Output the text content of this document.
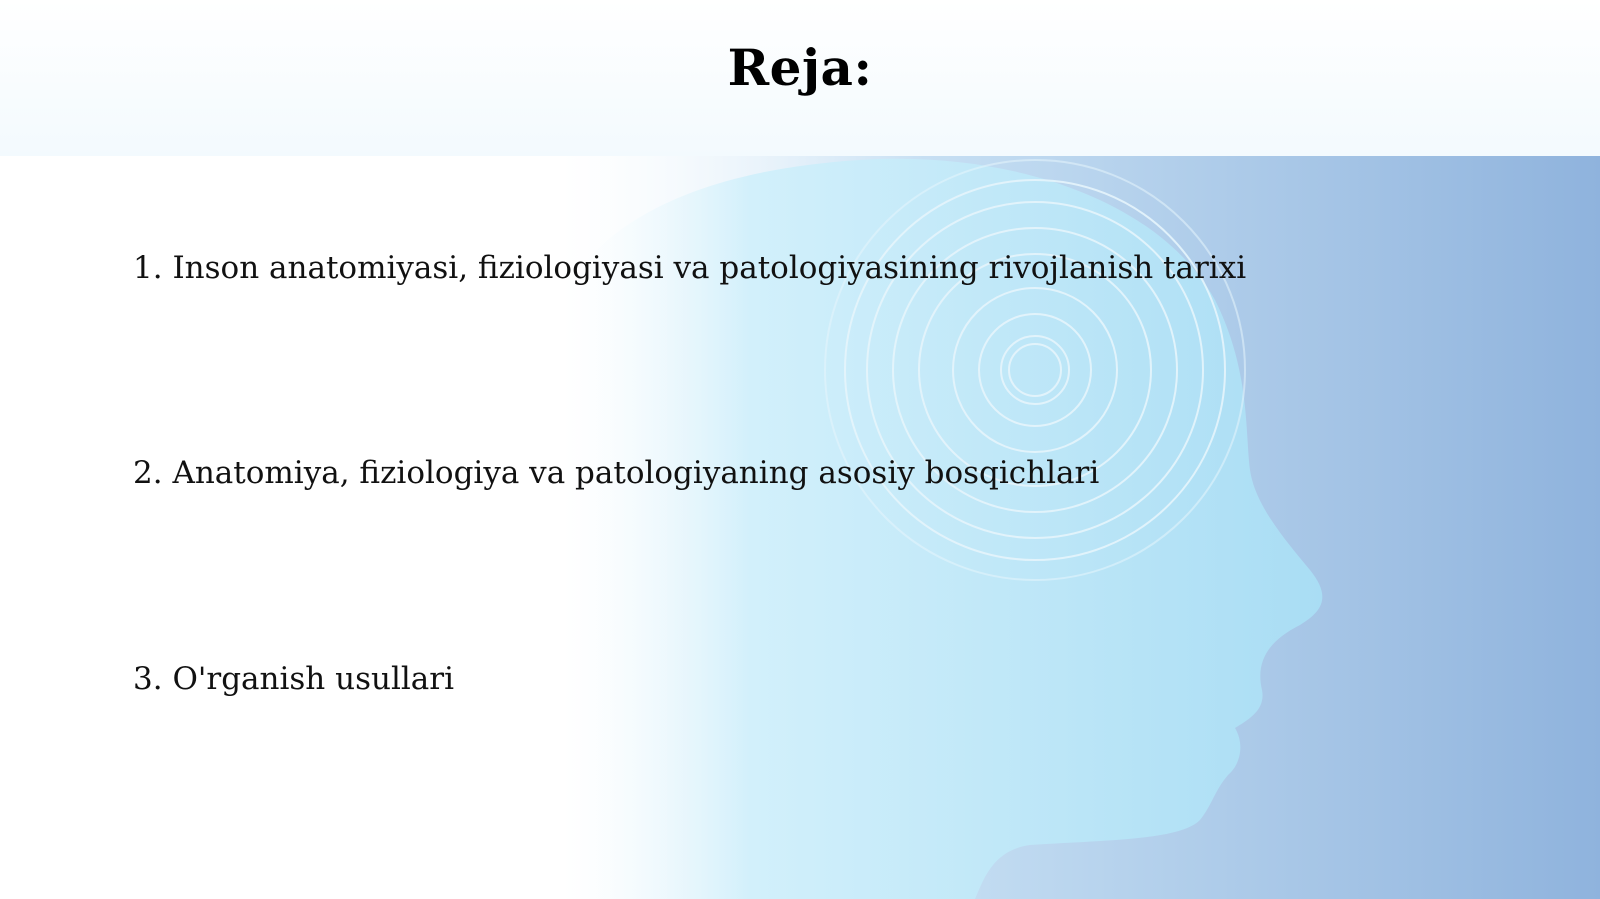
Reja:
1. Inson anatomiyasi, fiziologiyasi va patologiyasining rivojlanish tarixi
2. Anatomiya, fiziologiya va patologiyaning asosiy bosqichlari
3. O'rganish usullari
